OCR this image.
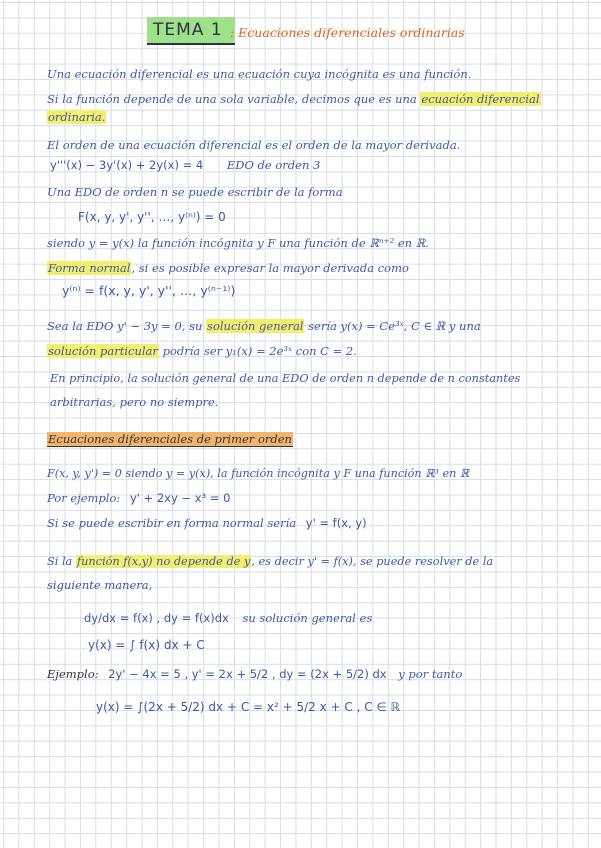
TEMA 1 : Ecuaciones diferenciales ordinarias
Una ecuación diferencial es una ecuación cuya incógnita es una función.
Si la función depende de una sola variable, decimos que es una ecuación diferencial
ordinaria.
El orden de una ecuación diferencial es el orden de la mayor derivada.
y'''(x) − 3y'(x) + 2y(x) = 4 EDO de orden 3
Una EDO de orden n se puede escribir de la forma
F(x, y, y', y'', …, y⁽ⁿ⁾) = 0
siendo y = y(x) la función incógnita y F una función de ℝⁿ⁺² en ℝ.
Forma normal, si es posible expresar la mayor derivada como
y⁽ⁿ⁾ = f(x, y, y', y'', …, y⁽ⁿ⁻¹⁾)
Sea la EDO y' − 3y = 0, su solución general sería y(x) = Ce³ˣ, C ∈ ℝ y una
solución particular podría ser y₁(x) = 2e³ˣ con C = 2.
En principio, la solución general de una EDO de orden n depende de n constantes
arbitrarias, pero no siempre.
Ecuaciones diferenciales de primer orden
F(x, y, y') = 0 siendo y = y(x), la función incógnita y F una función ℝ³ en ℝ
Por ejemplo: y' + 2xy − x³ = 0
Si se puede escribir en forma normal sería y' = f(x, y)
Si la función f(x,y) no depende de y, es decir y' = f(x), se puede resolver de la
siguiente manera,
dy/dx = f(x) , dy = f(x)dx su solución general es
y(x) = ∫ f(x) dx + C
Ejemplo: 2y' − 4x = 5 , y' = 2x + 5/2 , dy = (2x + 5/2) dx y por tanto
y(x) = ∫(2x + 5/2) dx + C = x² + 5/2 x + C , C ∈ ℝ
